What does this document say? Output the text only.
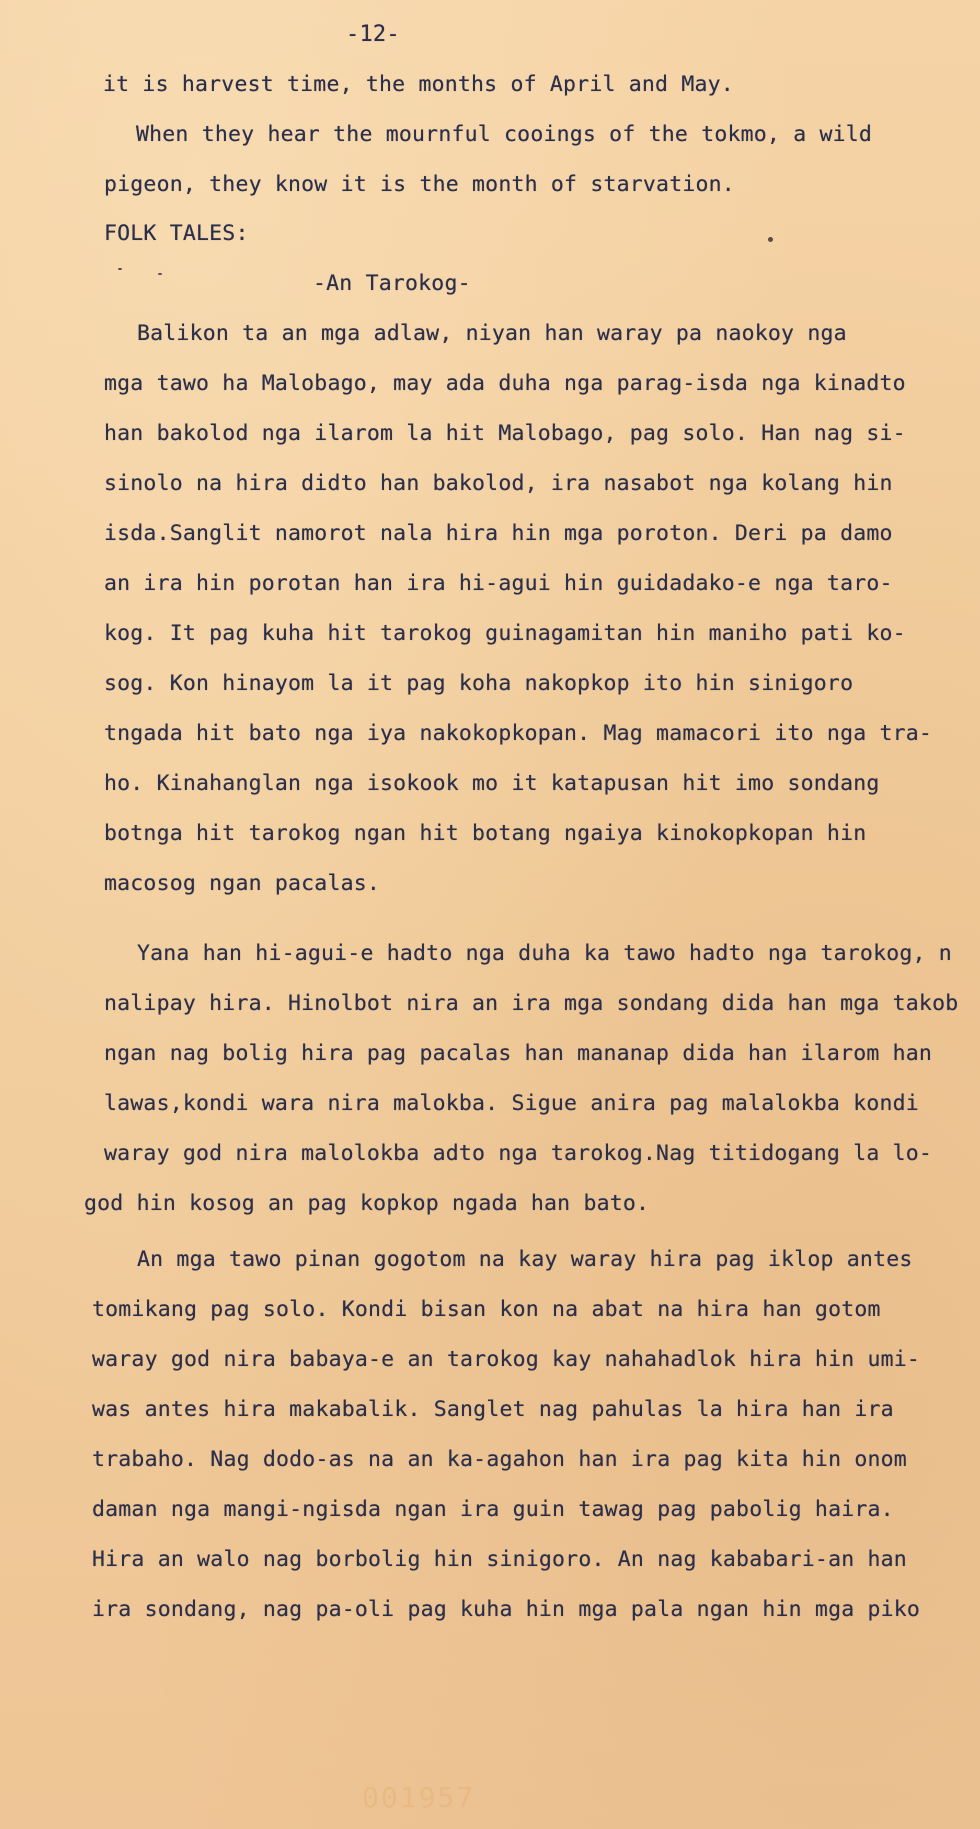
-12-
it is harvest time, the months of April and May.
When they hear the mournful cooings of the tokmo, a wild
pigeon, they know it is the month of starvation.
FOLK TALES:
-An Tarokog-
Balikon ta an mga adlaw, niyan han waray pa naokoy nga
mga tawo ha Malobago, may ada duha nga parag-isda nga kinadto
han bakolod nga ilarom la hit Malobago, pag solo. Han nag si-
sinolo na hira didto han bakolod, ira nasabot nga kolang hin
isda.Sanglit namorot nala hira hin mga poroton. Deri pa damo
an ira hin porotan han ira hi-agui hin guidadako-e nga taro-
kog. It pag kuha hit tarokog guinagamitan hin maniho pati ko-
sog. Kon hinayom la it pag koha nakopkop ito hin sinigoro
tngada hit bato nga iya nakokopkopan. Mag mamacori ito nga tra-
ho. Kinahanglan nga isokook mo it katapusan hit imo sondang
botnga hit tarokog ngan hit botang ngaiya kinokopkopan hin
macosog ngan pacalas.
Yana han hi-agui-e hadto nga duha ka tawo hadto nga tarokog, n
nalipay hira. Hinolbot nira an ira mga sondang dida han mga takob
ngan nag bolig hira pag pacalas han mananap dida han ilarom han
lawas,kondi wara nira malokba. Sigue anira pag malalokba kondi
waray god nira malolokba adto nga tarokog.Nag titidogang la lo-
god hin kosog an pag kopkop ngada han bato.
An mga tawo pinan gogotom na kay waray hira pag iklop antes
tomikang pag solo. Kondi bisan kon na abat na hira han gotom
waray god nira babaya-e an tarokog kay nahahadlok hira hin umi-
was antes hira makabalik. Sanglet nag pahulas la hira han ira
trabaho. Nag dodo-as na an ka-agahon han ira pag kita hin onom
daman nga mangi-ngisda ngan ira guin tawag pag pabolig haira.
Hira an walo nag borbolig hin sinigoro. An nag kababari-an han
ira sondang, nag pa-oli pag kuha hin mga pala ngan hin mga piko
001957
